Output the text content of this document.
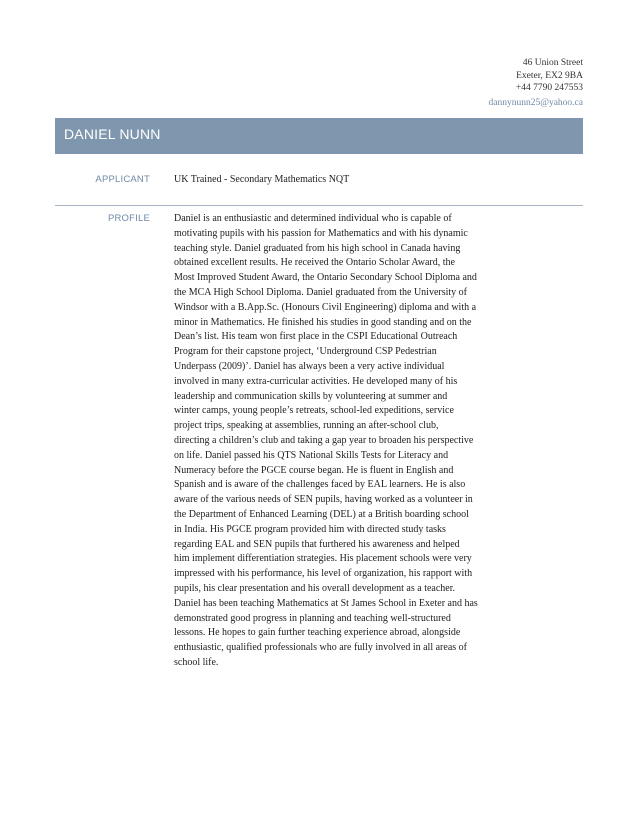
46 Union Street
Exeter, EX2 9BA
+44 7790 247553
dannynunn25@yahoo.ca
DANIEL NUNN
APPLICANT UK Trained - Secondary Mathematics NQT
PROFILE Daniel is an enthusiastic and determined individual who is capable of
motivating pupils with his passion for Mathematics and with his dynamic
teaching style. Daniel graduated from his high school in Canada having
obtained excellent results. He received the Ontario Scholar Award, the
Most Improved Student Award, the Ontario Secondary School Diploma and
the MCA High School Diploma. Daniel graduated from the University of
Windsor with a B.App.Sc. (Honours Civil Engineering) diploma and with a
minor in Mathematics. He finished his studies in good standing and on the
Dean’s list. His team won first place in the CSPI Educational Outreach
Program for their capstone project, ‘Underground CSP Pedestrian
Underpass (2009)’. Daniel has always been a very active individual
involved in many extra-curricular activities. He developed many of his
leadership and communication skills by volunteering at summer and
winter camps, young people’s retreats, school-led expeditions, service
project trips, speaking at assemblies, running an after-school club,
directing a children’s club and taking a gap year to broaden his perspective
on life. Daniel passed his QTS National Skills Tests for Literacy and
Numeracy before the PGCE course began. He is fluent in English and
Spanish and is aware of the challenges faced by EAL learners. He is also
aware of the various needs of SEN pupils, having worked as a volunteer in
the Department of Enhanced Learning (DEL) at a British boarding school
in India. His PGCE program provided him with directed study tasks
regarding EAL and SEN pupils that furthered his awareness and helped
him implement differentiation strategies. His placement schools were very
impressed with his performance, his level of organization, his rapport with
pupils, his clear presentation and his overall development as a teacher.
Daniel has been teaching Mathematics at St James School in Exeter and has
demonstrated good progress in planning and teaching well-structured
lessons. He hopes to gain further teaching experience abroad, alongside
enthusiastic, qualified professionals who are fully involved in all areas of
school life.
